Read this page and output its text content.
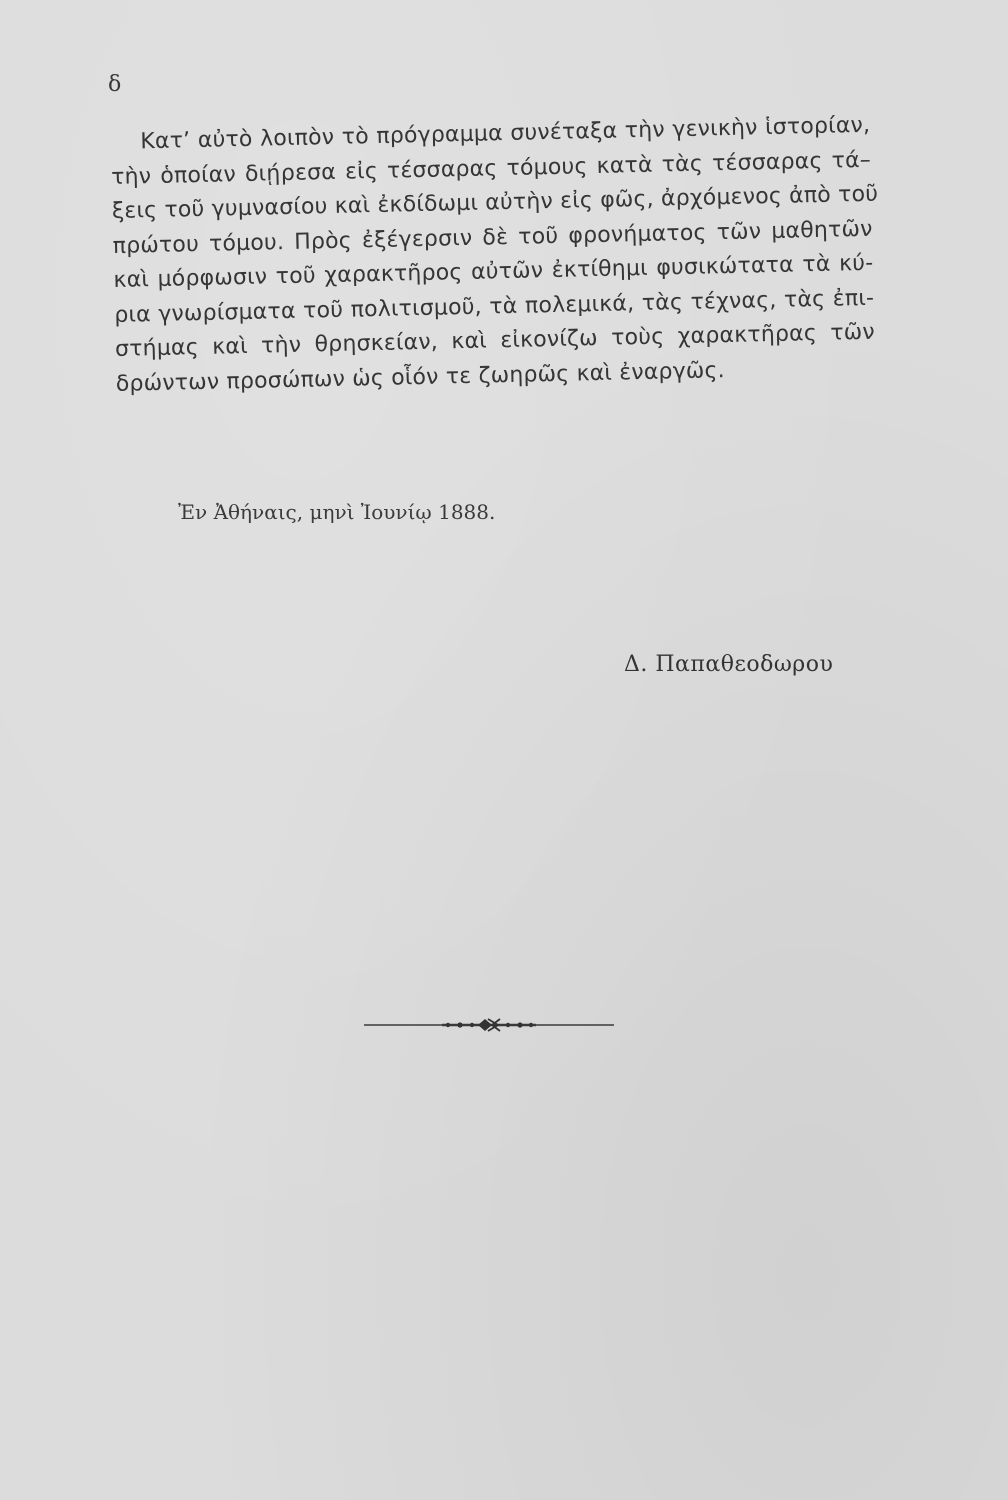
δ
Κατ’ αὐτὸ λοιπὸν τὸ πρόγραμμα συνέταξα τὴν γενικὴν ἱστορίαν,
τὴν ὁποίαν διῄρεσα εἰς τέσσαρας τόμους κατὰ τὰς τέσσαρας τά–
ξεις τοῦ γυμνασίου καὶ ἐκδίδωμι αὐτὴν εἰς φῶς, ἀρχόμενος ἀπὸ τοῦ
πρώτου τόμου. Πρὸς ἐξέγερσιν δὲ τοῦ φρονήματος τῶν μαθητῶν
καὶ μόρφωσιν τοῦ χαρακτῆρος αὐτῶν ἐκτίθημι φυσικώτατα τὰ κύ-
ρια γνωρίσματα τοῦ πολιτισμοῦ, τὰ πολεμικά, τὰς τέχνας, τὰς ἐπι-
στήμας καὶ τὴν θρησκείαν, καὶ εἰκονίζω τοὺς χαρακτῆρας τῶν
δρώντων προσώπων ὡς οἷόν τε ζωηρῶς καὶ ἐναργῶς.
Ἐν Ἀθήναις, μηνὶ Ἰουνίῳ 1888.
Δ. Παπαθεοδωρου
